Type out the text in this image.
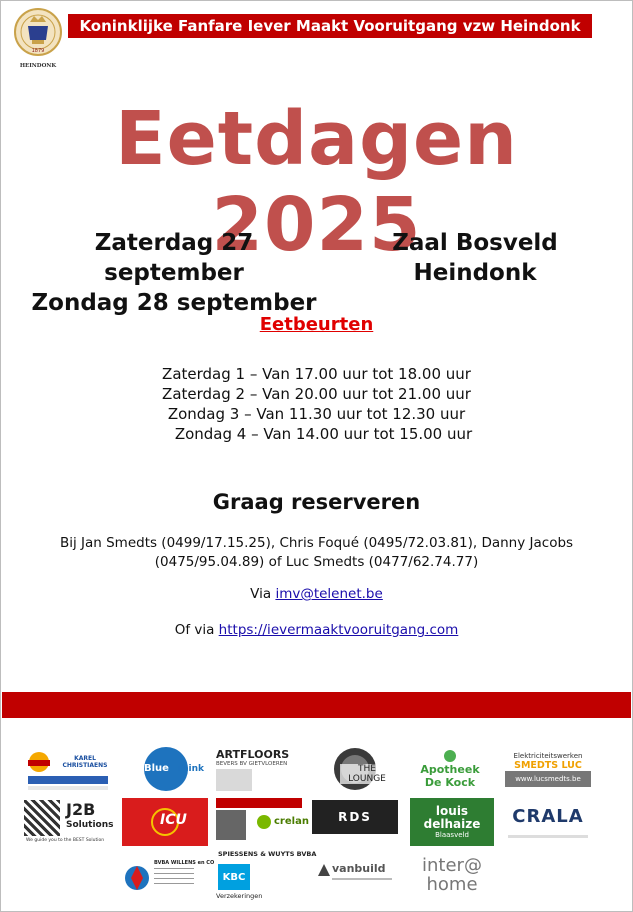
1879
HEINDONK
Koninklijke Fanfare Iever Maakt Vooruitgang vzw Heindonk
Eetdagen 2025
Zaterdag 27 september
Zondag 28 september
Zaal Bosveld
Heindonk
Eetbeurten
Zaterdag 1 – Van 17.00 uur tot 18.00 uur
Zaterdag 2 – Van 20.00 uur tot 21.00 uur
Zondag 3 – Van 11.30 uur tot 12.30 uur
Zondag 4 – Van 14.00 uur tot 15.00 uur
Graag reserveren
Bij Jan Smedts (0499/17.15.25), Chris Foqué (0495/72.03.81), Danny Jacobs
(0475/95.04.89) of Luc Smedts (0477/62.74.77)
Via imv@telenet.be
Of via https://ievermaaktvooruitgang.com
KAREL CHRISTIAENS	Blue Think
ARTFLOORS
BEVERS BV GIETVLOEREN
THE LOUNGE
Apotheek
De Kock
Elektriciteitswerken
SMEDTS LUC
www.lucsmedts.be
J2B
Solutions
We guide you to the BEST Solution
ICU	crelan RDS	louis
delhaize
Blaasveld
CRALA
BVBA WILLENS en CO
SPIESSENS & WUYTS BVBA
KBC
Verzekeringen
vanbuild inter@
home
